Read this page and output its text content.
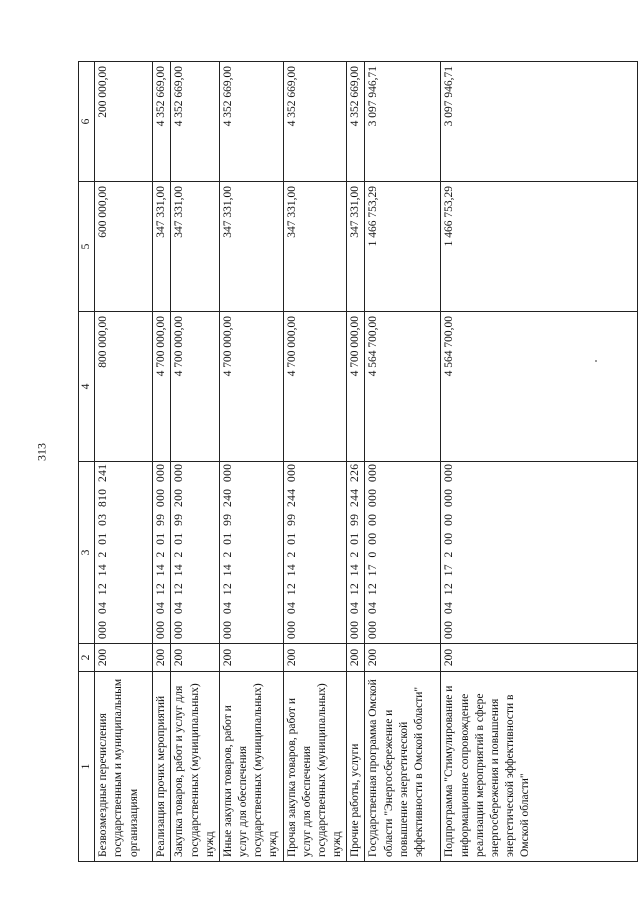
313
1	2	3	4	5	6
Безвозмездные перечисления государственным и муниципальным организациям	200	000  04  12  14  2  01  03  810  241	800 000,00	600 000,00	200 000,00
Реализация прочих мероприятий	200	000  04  12  14  2  01  99  000  000	4 700 000,00	347 331,00	4 352 669,00
Закупка товаров, работ и услуг для государственных (муниципальных) нужд	200	000  04  12  14  2  01  99  200  000	4 700 000,00	347 331,00	4 352 669,00
Иные закупки товаров, работ и услуг для обеспечения государственных (муниципальных) нужд	200	000  04  12  14  2  01  99  240  000	4 700 000,00	347 331,00	4 352 669,00
Прочая закупка товаров, работ и услуг для обеспечения государственных (муниципальных) нужд	200	000  04  12  14  2  01  99  244  000	4 700 000,00	347 331,00	4 352 669,00
Прочие работы, услуги	200	000  04  12  14  2  01  99  244  226	4 700 000,00	347 331,00	4 352 669,00
Государственная программа Омской области "Энергосбережение и повышение энергетической эффективности в Омской области"	200	000  04  12  17  0  00  00  000  000	4 564 700,00	1 466 753,29	3 097 946,71
Подпрограмма "Стимулирование и информационное сопровождение реализации мероприятий в сфере энергосбережения и повышения энергетической эффективности в Омской области"	200	000  04  12  17  2  00  00  000  000	4 564 700,00	1 466 753,29	3 097 946,71
